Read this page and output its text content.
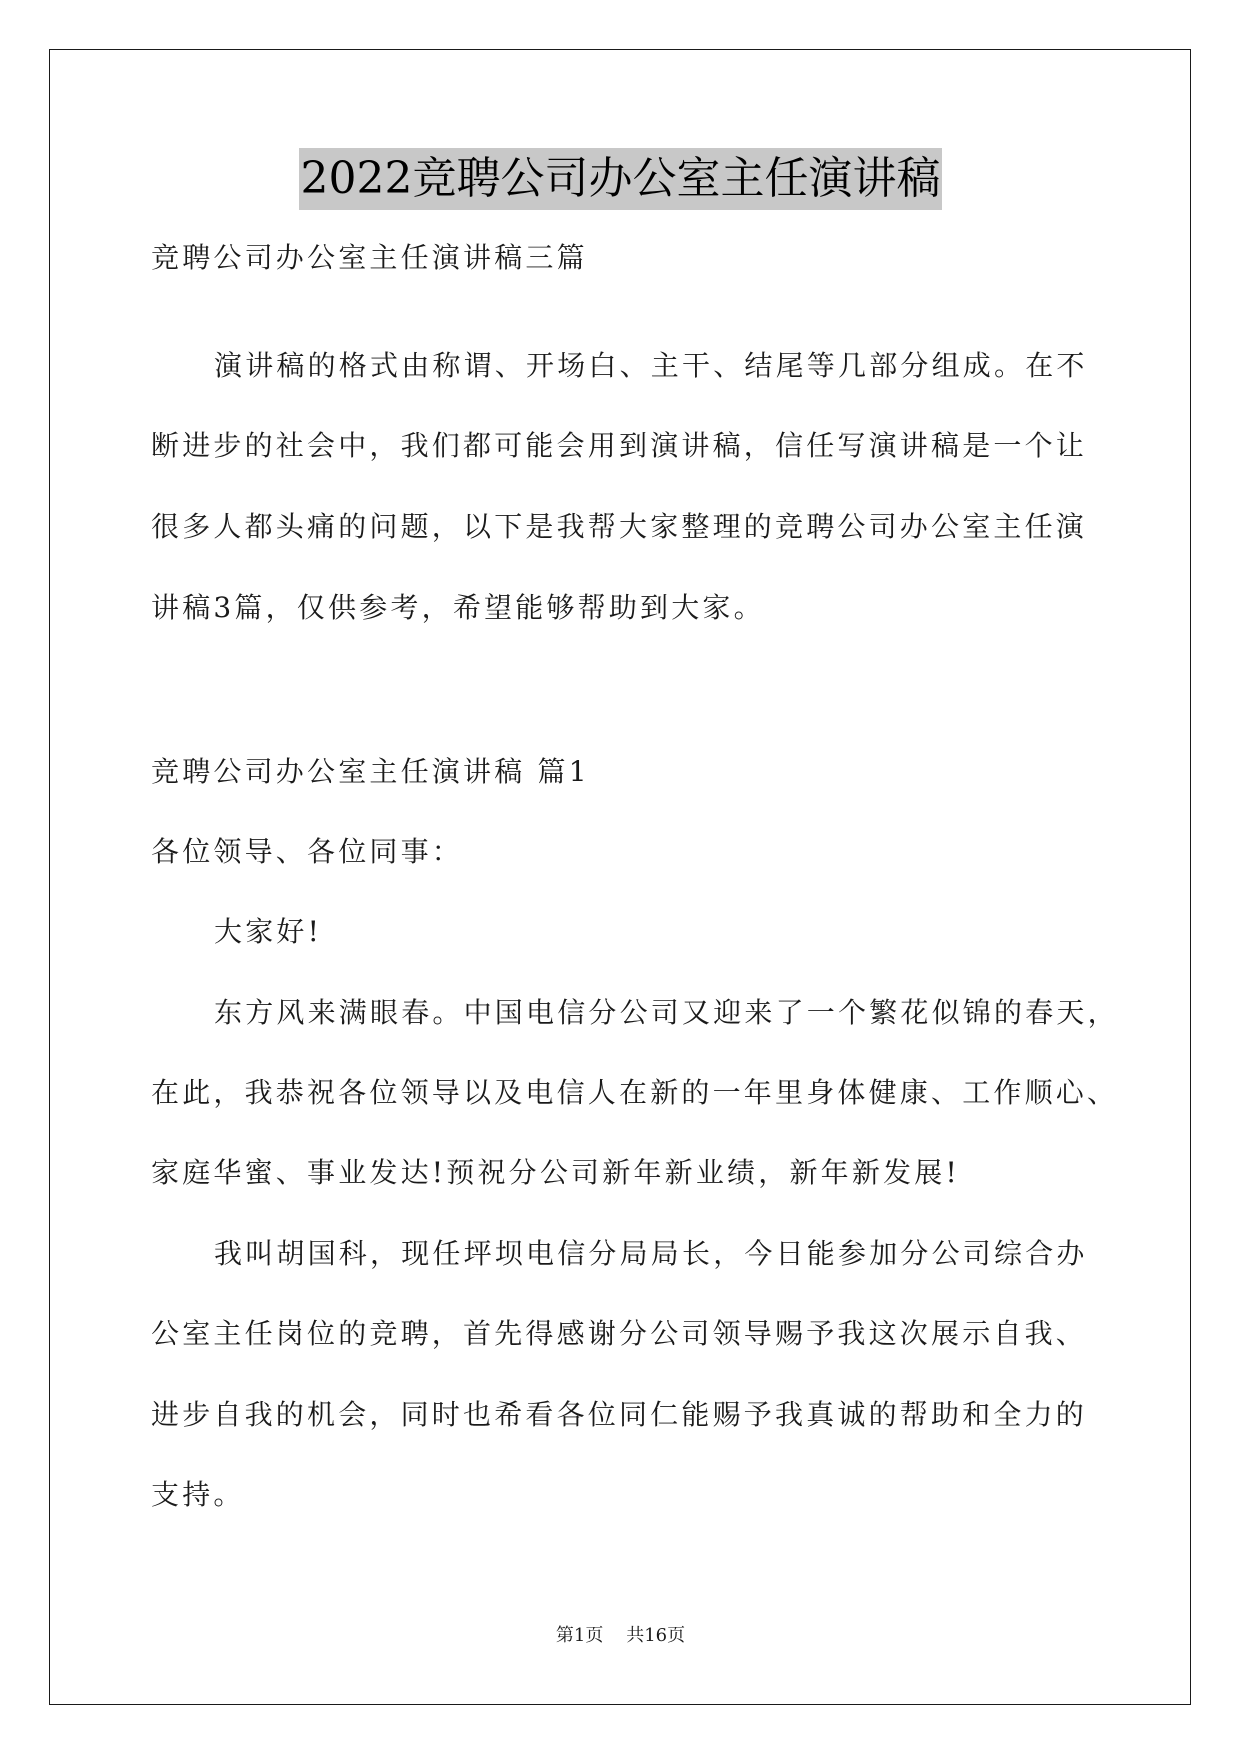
2022竞聘公司办公室主任演讲稿
竞聘公司办公室主任演讲稿三篇
演讲稿的格式由称谓、开场白、主干、结尾等几部分组成。在不
断进步的社会中，我们都可能会用到演讲稿，信任写演讲稿是一个让
很多人都头痛的问题，以下是我帮大家整理的竞聘公司办公室主任演
讲稿3篇，仅供参考，希望能够帮助到大家。
竞聘公司办公室主任演讲稿 篇1
各位领导、各位同事：
大家好!
东方风来满眼春。中国电信分公司又迎来了一个繁花似锦的春天，
在此，我恭祝各位领导以及电信人在新的一年里身体健康、工作顺心、
家庭华蜜、事业发达!预祝分公司新年新业绩，新年新发展!
我叫胡国科，现任坪坝电信分局局长，今日能参加分公司综合办
公室主任岗位的竞聘，首先得感谢分公司领导赐予我这次展示自我、
进步自我的机会，同时也希看各位同仁能赐予我真诚的帮助和全力的
支持。
第1页 共16页
